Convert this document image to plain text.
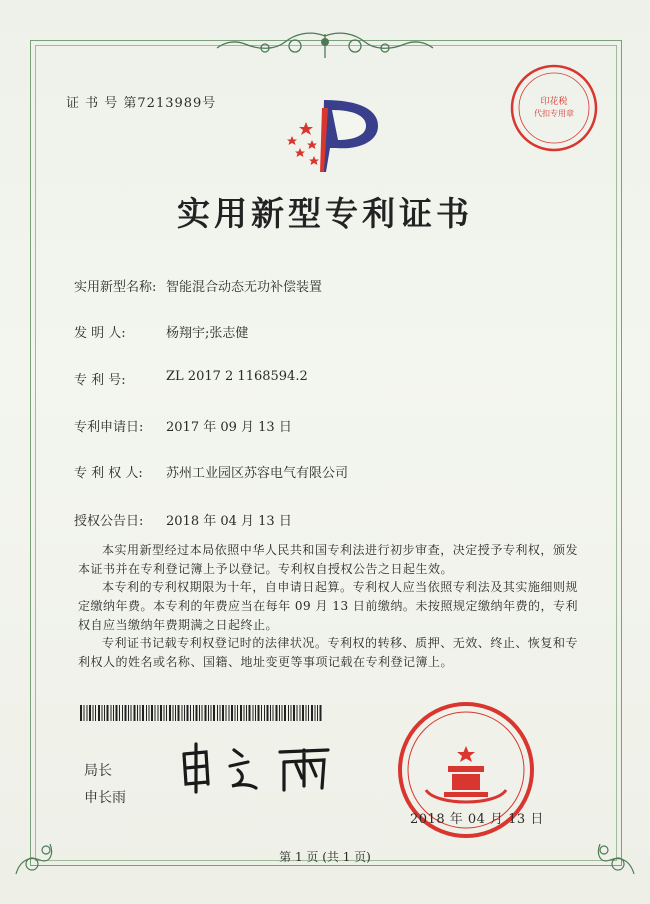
证 书 号 第7213989号	印花税
代扣专用章
实用新型专利证书
实用新型名称: 智能混合动态无功补偿装置
发 明 人:	杨翔宇;张志健
专 利 号:	ZL 2017 2 1168594.2
专利申请日: 2017 年 09 月 13 日
专 利 权 人: 苏州工业园区苏容电气有限公司
授权公告日: 2018 年 04 月 13 日
本实用新型经过本局依照中华人民共和国专利法进行初步审查，决定授予专利权，颁发本证书并在专利登记簿上予以登记。专利权自授权公告之日起生效。
本专利的专利权期限为十年，自申请日起算。专利权人应当依照专利法及其实施细则规定缴纳年费。本专利的年费应当在每年 09 月 13 日前缴纳。未按照规定缴纳年费的，专利权自应当缴纳年费期满之日起终止。
专利证书记载专利权登记时的法律状况。专利权的转移、质押、无效、终止、恢复和专利权人的姓名或名称、国籍、地址变更等事项记载在专利登记簿上。
局长
申长雨
2018 年 04 月 13 日
第 1 页 (共 1 页)
